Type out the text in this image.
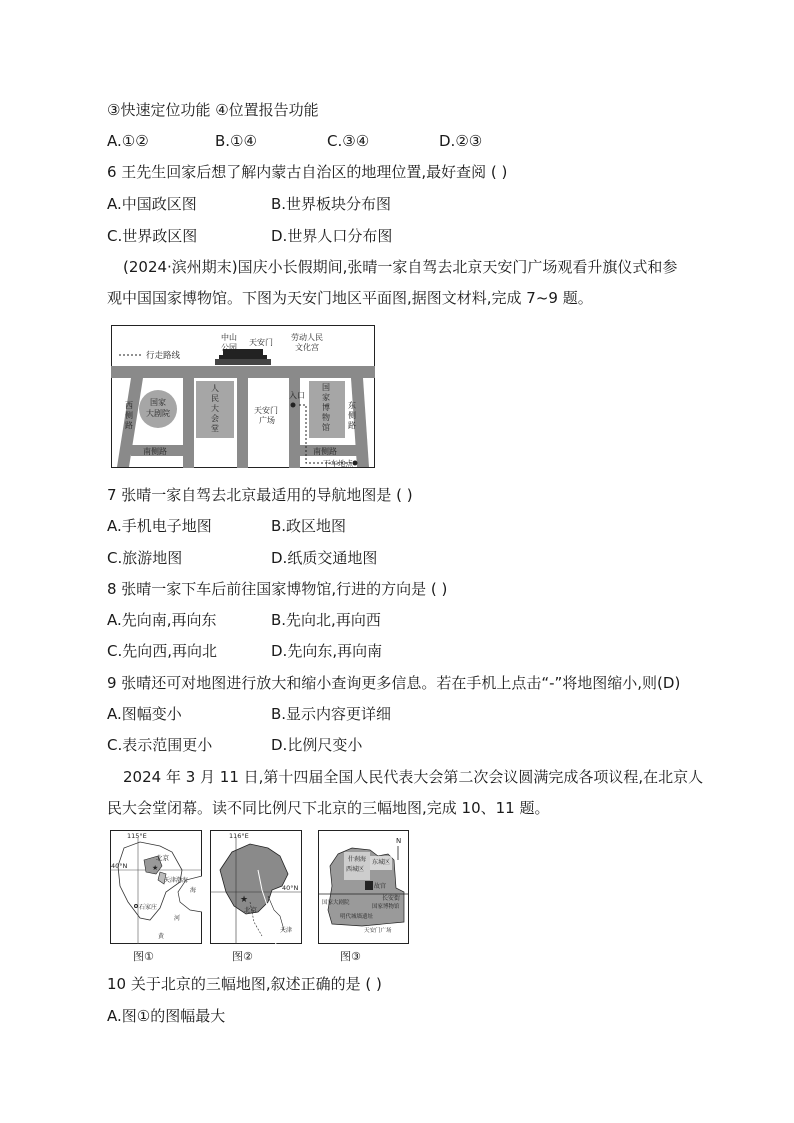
③快速定位功能 ④位置报告功能
A.①②	B.①④	C.③④	D.②③
6 王先生回家后想了解内蒙古自治区的地理位置,最好查阅 ( )
A.中国政区图	B.世界板块分布图
C.世界政区图	D.世界人口分布图
(2024·滨州期末)国庆小长假期间,张晴一家自驾去北京天安门广场观看升旗仪式和参
观中国国家博物馆。下图为天安门地区平面图,据图文材料,完成 7~9 题。
行走路线
中山
公园
天安门
劳动人民
文化宫
国家
大剧院
西
侧
路
人
民
大
会
堂
天安门
广场
入口
国
家
博
物
馆
东
侧
路
南侧路	南侧路
下车地点
7 张晴一家自驾去北京最适用的导航地图是 ( )
A.手机电子地图	B.政区地图
C.旅游地图	D.纸质交通地图
8 张晴一家下车后前往国家博物馆,行进的方向是 ( )
A.先向南,再向东	B.先向北,再向西
C.先向西,再向北	D.先向东,再向南
9 张晴还可对地图进行放大和缩小查询更多信息。若在手机上点击“-”将地图缩小,则(D)
A.图幅变小	B.显示内容更详细
C.表示范围更小	D.比例尺变小
2024 年 3 月 11 日,第十四届全国人民代表大会第二次会议圆满完成各项议程,在北京人
民大会堂闭幕。读不同比例尺下北京的三幅地图,完成 10、11 题。
115°E
40°N
北京
★
天津 渤海
海
石家庄
河
黄
图①
116°E
40°N
★
北京
天津
图②
N
什刹海
西城区
东城区
故宫
长安街
国家大剧院
国家博物馆
明代城墙遗址
天安门广场
图③
10 关于北京的三幅地图,叙述正确的是 ( )
A.图①的图幅最大
